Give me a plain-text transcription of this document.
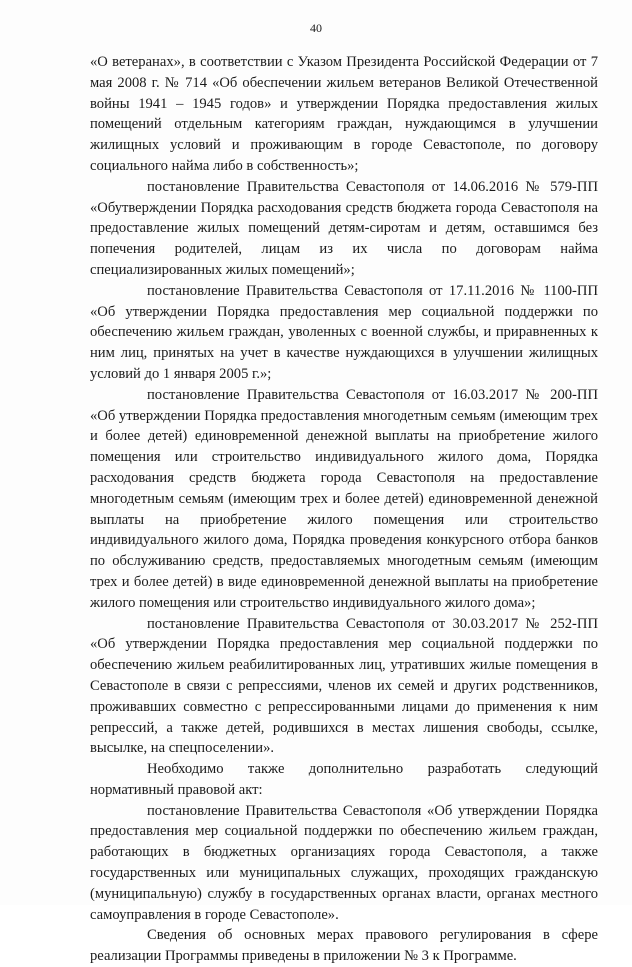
40

«О ветеранах», в соответствии с Указом Президента Российской Федерации от 7 мая 2008 г. № 714 «Об обеспечении жильем ветеранов Великой Отечественной войны 1941 – 1945 годов» и утверждении Порядка предоставления жилых помещений отдельным категориям граждан, нуждающимся в улучшении жилищных условий и проживающим в городе Севастополе, по договору социального найма либо в собственность»;

постановление Правительства Севастополя от 14.06.2016 № 579-ПП «Обутверждении Порядка расходования средств бюджета города Севастополя на предоставление жилых помещений детям-сиротам и детям, оставшимся без попечения родителей, лицам из их числа по договорам найма специализированных жилых помещений»;

постановление Правительства Севастополя от 17.11.2016 № 1100-ПП «Об утверждении Порядка предоставления мер социальной поддержки по обеспечению жильем граждан, уволенных с военной службы, и приравненных к ним лиц, принятых на учет в качестве нуждающихся в улучшении жилищных условий до 1 января 2005 г.»;

постановление Правительства Севастополя от 16.03.2017 № 200-ПП «Об утверждении Порядка предоставления многодетным семьям (имеющим трех и более детей) единовременной денежной выплаты на приобретение жилого помещения или строительство индивидуального жилого дома, Порядка расходования средств бюджета города Севастополя на предоставление многодетным семьям (имеющим трех и более детей) единовременной денежной выплаты на приобретение жилого помещения или строительство индивидуального жилого дома, Порядка проведения конкурсного отбора банков по обслуживанию средств, предоставляемых многодетным семьям (имеющим трех и более детей) в виде единовременной денежной выплаты на приобретение жилого помещения или строительство индивидуального жилого дома»;

постановление Правительства Севастополя от 30.03.2017 № 252-ПП «Об утверждении Порядка предоставления мер социальной поддержки по обеспечению жильем реабилитированных лиц, утративших жилые помещения в Севастополе в связи с репрессиями, членов их семей и других родственников, проживавших совместно с репрессированными лицами до применения к ним репрессий, а также детей, родившихся в местах лишения свободы, ссылке, высылке, на спецпоселении».

Необходимо также дополнительно разработать следующий нормативный правовой акт:

постановление Правительства Севастополя «Об утверждении Порядка предоставления мер социальной поддержки по обеспечению жильем граждан, работающих в бюджетных организациях города Севастополя, а также государственных или муниципальных служащих, проходящих гражданскую (муниципальную) службу в государственных органах власти, органах местного самоуправления в городе Севастополе».

Сведения об основных мерах правового регулирования в сфере реализации Программы приведены в приложении № 3 к Программе.
